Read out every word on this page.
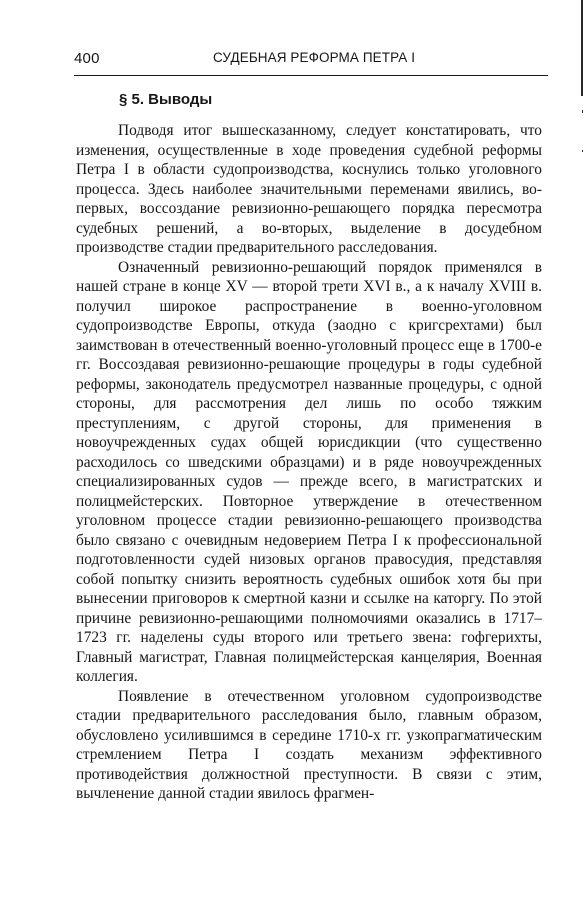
400	СУДЕБНАЯ РЕФОРМА ПЕТРА I
§ 5. Выводы

Подводя итог вышесказанному, следует констатировать, что изменения, осуществленные в ходе проведения судебной реформы Петра I в области судопроизводства, коснулись только уголовного процесса. Здесь наиболее значительными переменами явились, во-первых, воссоздание ревизионно-решающего порядка пересмотра судебных решений, а во-вторых, выделение в досудебном производстве стадии предварительного расследования.

Означенный ревизионно-решающий порядок применялся в нашей стране в конце XV — второй трети XVI в., а к началу XVIII в. получил широкое распространение в военно-уголовном судопроизводстве Европы, откуда (заодно с кригсрехтами) был заимствован в отечественный военно-уголовный процесс еще в 1700-е гг. Воссоздавая ревизионно-решающие процедуры в годы судебной реформы, законодатель предусмотрел названные процедуры, с одной стороны, для рассмотрения дел лишь по особо тяжким преступлениям, с другой стороны, для применения в новоучрежденных судах общей юрисдикции (что существенно расходилось со шведскими образцами) и в ряде новоучрежденных специализированных судов — прежде всего, в магистратских и полицмейстерских. Повторное утверждение в отечественном уголовном процессе стадии ревизионно-решающего производства было связано с очевидным недоверием Петра I к профессиональной подготовленности судей низовых органов правосудия, представляя собой попытку снизить вероятность судебных ошибок хотя бы при вынесении приговоров к смертной казни и ссылке на каторгу. По этой причине ревизионно-решающими полномочиями оказались в 1717–1723 гг. наделены суды второго или третьего звена: гофгерихты, Главный магистрат, Главная полицмейстерская канцелярия, Военная коллегия.

Появление в отечественном уголовном судопроизводстве стадии предварительного расследования было, главным образом, обусловлено усилившимся в середине 1710-х гг. узкопрагматическим стремлением Петра I создать механизм эффективного противодействия должностной преступности. В связи с этим, вычленение данной стадии явилось фрагмен-
